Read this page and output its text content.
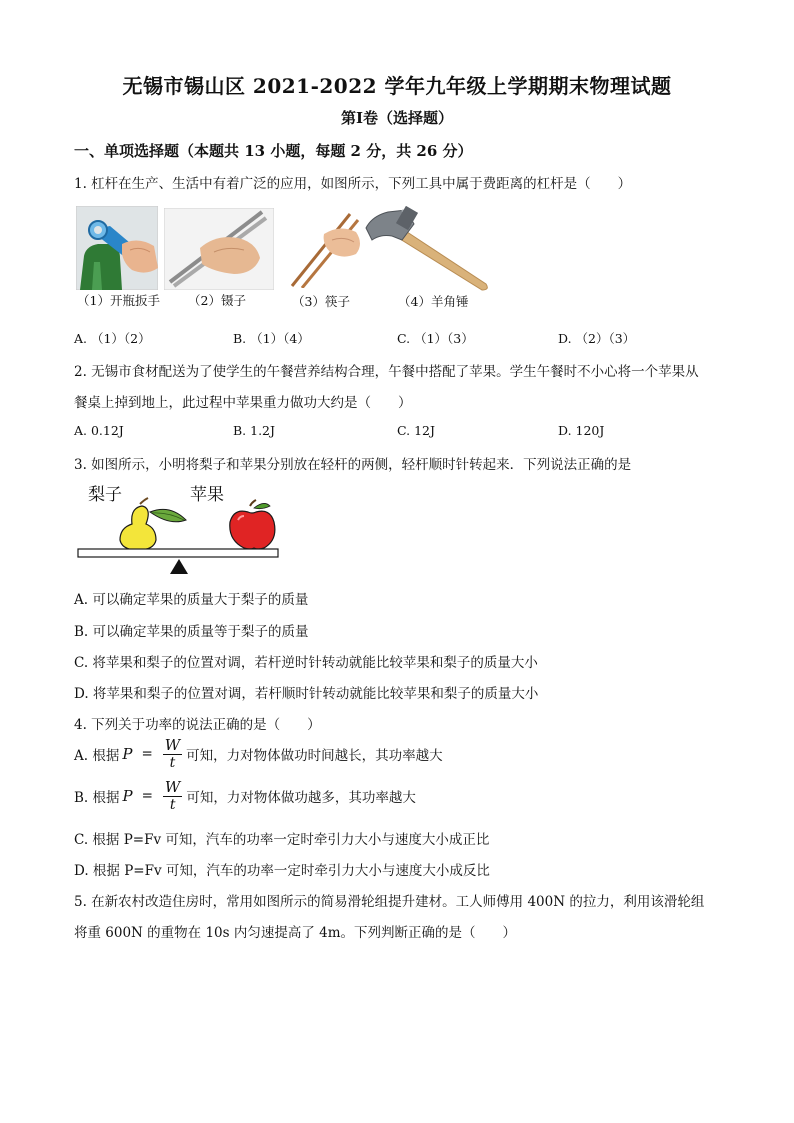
无锡市锡山区 2021-2022 学年九年级上学期期末物理试题
第I卷（选择题）
一、单项选择题（本题共 13 小题，每题 2 分，共 26 分）
1. 杠杆在生产、生活中有着广泛的应用，如图所示，下列工具中属于费距离的杠杆是（　　）
（1）开瓶扳手 （2）镊子	（3）筷子	（4）羊角锤
A. （1）（2）	B. （1）（4）	C. （1）（3）	D. （2）（3）
2. 无锡市食材配送为了使学生的午餐营养结构合理，午餐中搭配了苹果。学生午餐时不小心将一个苹果从
餐桌上掉到地上，此过程中苹果重力做功大约是（　　）
A. 0.12J	B. 1.2J	C. 12J	D. 120J
3. 如图所示，小明将梨子和苹果分别放在轻杆的两侧，轻杆顺时针转起来．下列说法正确的是
梨子	苹果
A. 可以确定苹果的质量大于梨子的质量
B. 可以确定苹果的质量等于梨子的质量
C. 将苹果和梨子的位置对调，若杆逆时针转动就能比较苹果和梨子的质量大小
D. 将苹果和梨子的位置对调，若杆顺时针转动就能比较苹果和梨子的质量大小
4. 下列关于功率的说法正确的是（　　）
A. 根据 $P = \frac{W}{t}$ 可知，力对物体做功时间越长，其功率越大
B. 根据 $P = \frac{W}{t}$ 可知，力对物体做功越多，其功率越大
C. 根据 P=Fv 可知，汽车的功率一定时牵引力大小与速度大小成正比
D. 根据 P=Fv 可知，汽车的功率一定时牵引力大小与速度大小成反比
5. 在新农村改造住房时，常用如图所示的简易滑轮组提升建材。工人师傅用 400N 的拉力，利用该滑轮组
将重 600N 的重物在 10s 内匀速提高了 4m。下列判断正确的是（　　）
